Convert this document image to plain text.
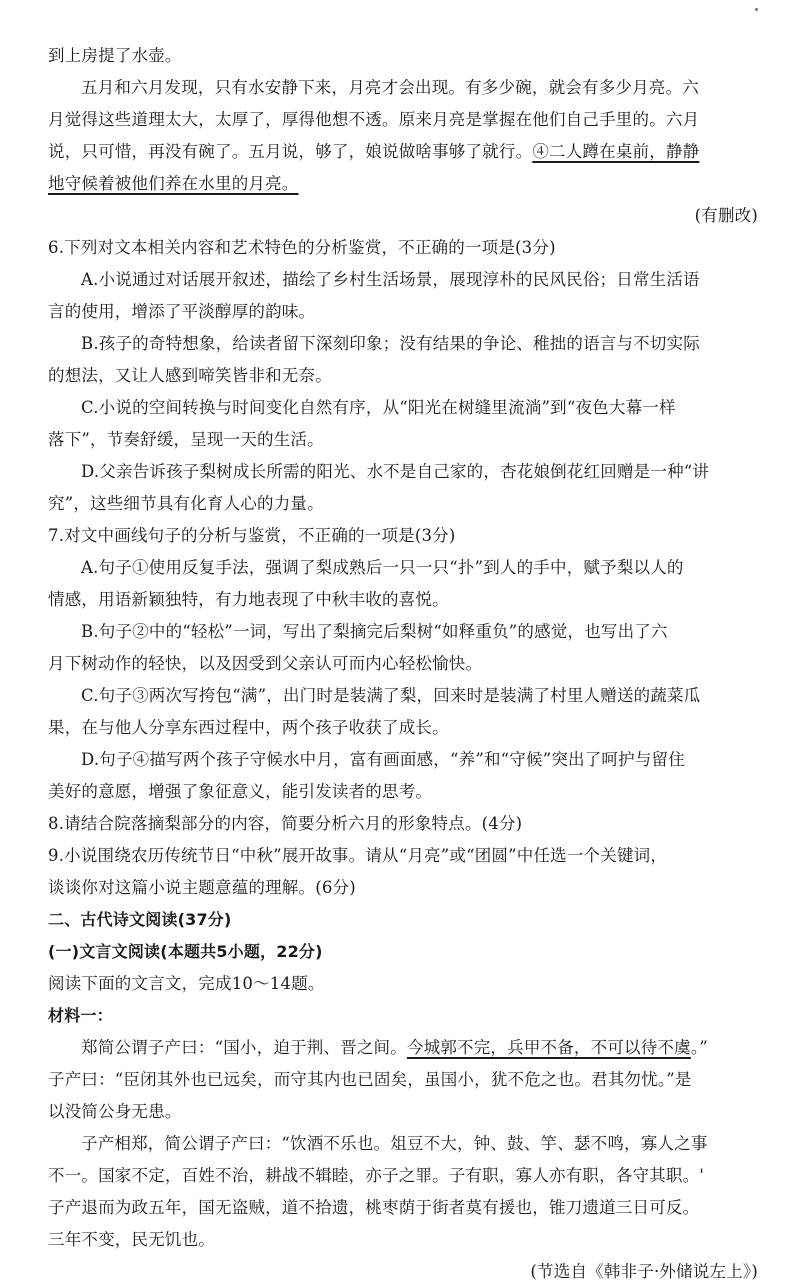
到上房提了水壶。
五月和六月发现，只有水安静下来，月亮才会出现。有多少碗，就会有多少月亮。六
月觉得这些道理太大，太厚了，厚得他想不透。原来月亮是掌握在他们自己手里的。六月
说，只可惜，再没有碗了。五月说，够了，娘说做啥事够了就行。④二人蹲在桌前，静静
地守候着被他们养在水里的月亮。
(有删改)
6.下列对文本相关内容和艺术特色的分析鉴赏，不正确的一项是(3分)
A.小说通过对话展开叙述，描绘了乡村生活场景，展现淳朴的民风民俗；日常生活语
言的使用，增添了平淡醇厚的韵味。
B.孩子的奇特想象，给读者留下深刻印象；没有结果的争论、稚拙的语言与不切实际
的想法，又让人感到啼笑皆非和无奈。
C.小说的空间转换与时间变化自然有序，从“阳光在树缝里流淌”到“夜色大幕一样
落下”，节奏舒缓，呈现一天的生活。
D.父亲告诉孩子梨树成长所需的阳光、水不是自己家的，杏花娘倒花红回赠是一种“讲
究”，这些细节具有化育人心的力量。
7.对文中画线句子的分析与鉴赏，不正确的一项是(3分)
A.句子①使用反复手法，强调了梨成熟后一只一只“扑”到人的手中，赋予梨以人的
情感，用语新颖独特，有力地表现了中秋丰收的喜悦。
B.句子②中的“轻松”一词，写出了梨摘完后梨树“如释重负”的感觉，也写出了六
月下树动作的轻快，以及因受到父亲认可而内心轻松愉快。
C.句子③两次写挎包“满”，出门时是装满了梨，回来时是装满了村里人赠送的蔬菜瓜
果，在与他人分享东西过程中，两个孩子收获了成长。
D.句子④描写两个孩子守候水中月，富有画面感，“养”和“守候”突出了呵护与留住
美好的意愿，增强了象征意义，能引发读者的思考。
8.请结合院落摘梨部分的内容，简要分析六月的形象特点。(4分)
9.小说围绕农历传统节日“中秋”展开故事。请从“月亮”或“团圆”中任选一个关键词，
谈谈你对这篇小说主题意蕴的理解。(6分)
二、古代诗文阅读(37分)
(一)文言文阅读(本题共5小题，22分)
阅读下面的文言文，完成10～14题。
材料一：
郑简公谓子产曰：“国小，迫于荆、晋之间。今城郭不完，兵甲不备，不可以待不虞。”
子产曰：“臣闭其外也已远矣，而守其内也已固矣，虽国小，犹不危之也。君其勿忧。”是
以没简公身无患。
子产相郑，简公谓子产曰：“饮酒不乐也。俎豆不大，钟、鼓、竽、瑟不鸣，寡人之事
不一。国家不定，百姓不治，耕战不辑睦，亦子之罪。子有职，寡人亦有职，各守其职。'
子产退而为政五年，国无盗贼，道不拾遗，桃枣荫于街者莫有援也，锥刀遗道三日可反。
三年不变，民无饥也。
(节选自《韩非子·外储说左上》)
